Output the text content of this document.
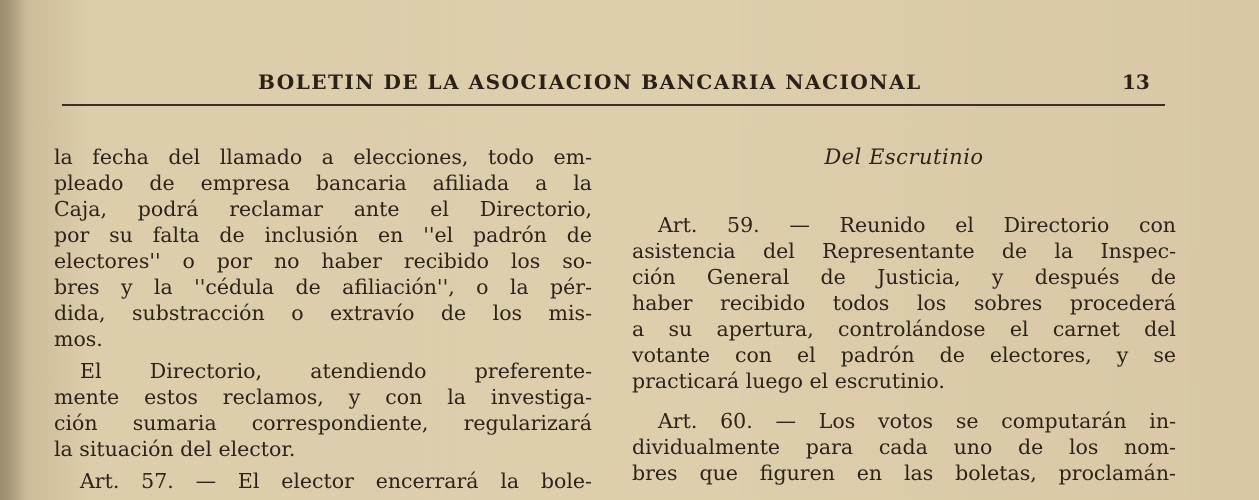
BOLETIN DE LA ASOCIACION BANCARIA NACIONAL	13
la fecha del llamado a elecciones, todo em-
pleado de empresa bancaria afiliada a la
Caja, podrá reclamar ante el Directorio,
por su falta de inclusión en ''el padrón de
electores'' o por no haber recibido los so-
bres y la ''cédula de afiliación'', o la pér-
dida, substracción o extravío de los mis-
mos.
El Directorio, atendiendo preferente-
mente estos reclamos, y con la investiga-
ción sumaria correspondiente, regularizará
la situación del elector.
Art. 57. — El elector encerrará la bole-
Del Escrutinio
Art. 59. — Reunido el Directorio con
asistencia del Representante de la Inspec-
ción General de Justicia, y después de
haber recibido todos los sobres procederá
a su apertura, controlándose el carnet del
votante con el padrón de electores, y se
practicará luego el escrutinio.
Art. 60. — Los votos se computarán in-
dividualmente para cada uno de los nom-
bres que figuren en las boletas, proclamán-
